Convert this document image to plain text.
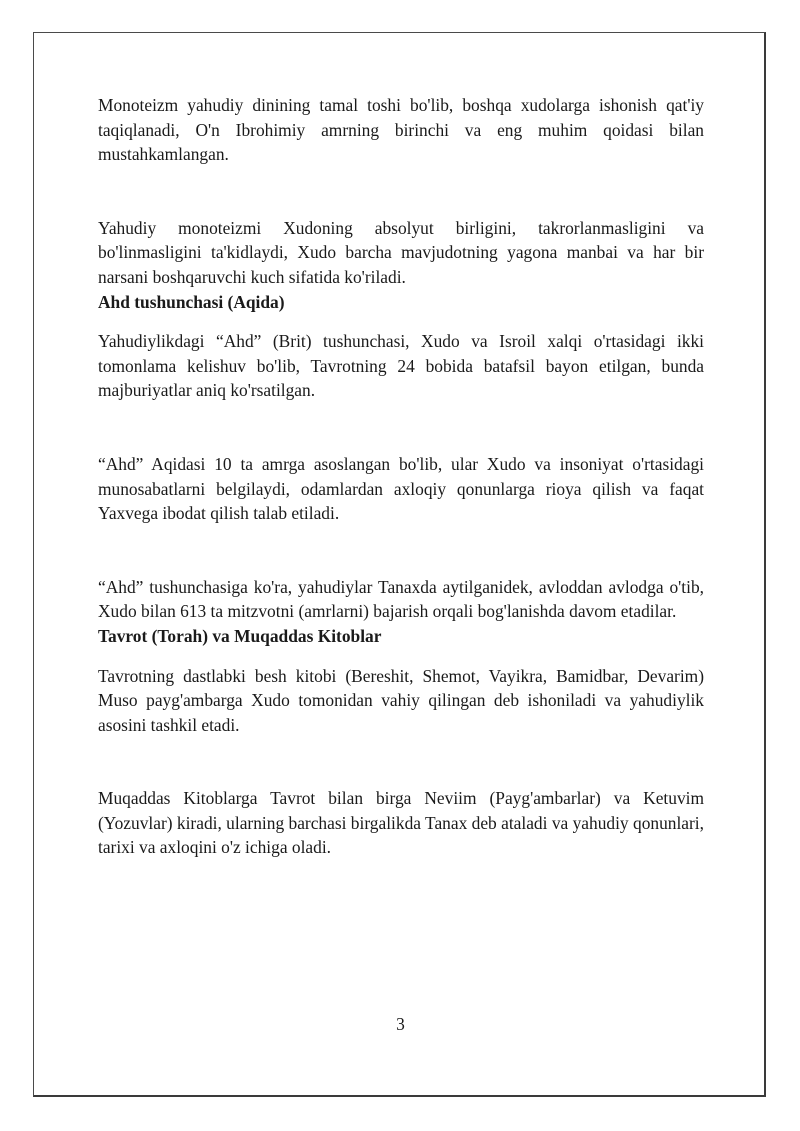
Monoteizm yahudiy dinining tamal toshi bo'lib, boshqa xudolarga ishonish qat'iy taqiqlanadi, O'n Ibrohimiy amrning birinchi va eng muhim qoidasi bilan mustahkamlangan.

Yahudiy monoteizmi Xudoning absolyut birligini, takrorlanmasligini va bo'linmasligini ta'kidlaydi, Xudo barcha mavjudotning yagona manbai va har bir narsani boshqaruvchi kuch sifatida ko'riladi.

Ahd tushunchasi (Aqida)

Yahudiylikdagi “Ahd” (Brit) tushunchasi, Xudo va Isroil xalqi o'rtasidagi ikki tomonlama kelishuv bo'lib, Tavrotning 24 bobida batafsil bayon etilgan, bunda majburiyatlar aniq ko'rsatilgan.

“Ahd” Aqidasi 10 ta amrga asoslangan bo'lib, ular Xudo va insoniyat o'rtasidagi munosabatlarni belgilaydi, odamlardan axloqiy qonunlarga rioya qilish va faqat Yaxvega ibodat qilish talab etiladi.

“Ahd” tushunchasiga ko'ra, yahudiylar Tanaxda aytilganidek, avloddan avlodga o'tib, Xudo bilan 613 ta mitzvotni (amrlarni) bajarish orqali bog'lanishda davom etadilar.

Tavrot (Torah) va Muqaddas Kitoblar

Tavrotning dastlabki besh kitobi (Bereshit, Shemot, Vayikra, Bamidbar, Devarim) Muso payg'ambarga Xudo tomonidan vahiy qilingan deb ishoniladi va yahudiylik asosini tashkil etadi.

Muqaddas Kitoblarga Tavrot bilan birga Neviim (Payg'ambarlar) va Ketuvim (Yozuvlar) kiradi, ularning barchasi birgalikda Tanax deb ataladi va yahudiy qonunlari, tarixi va axloqini o'z ichiga oladi.

3
